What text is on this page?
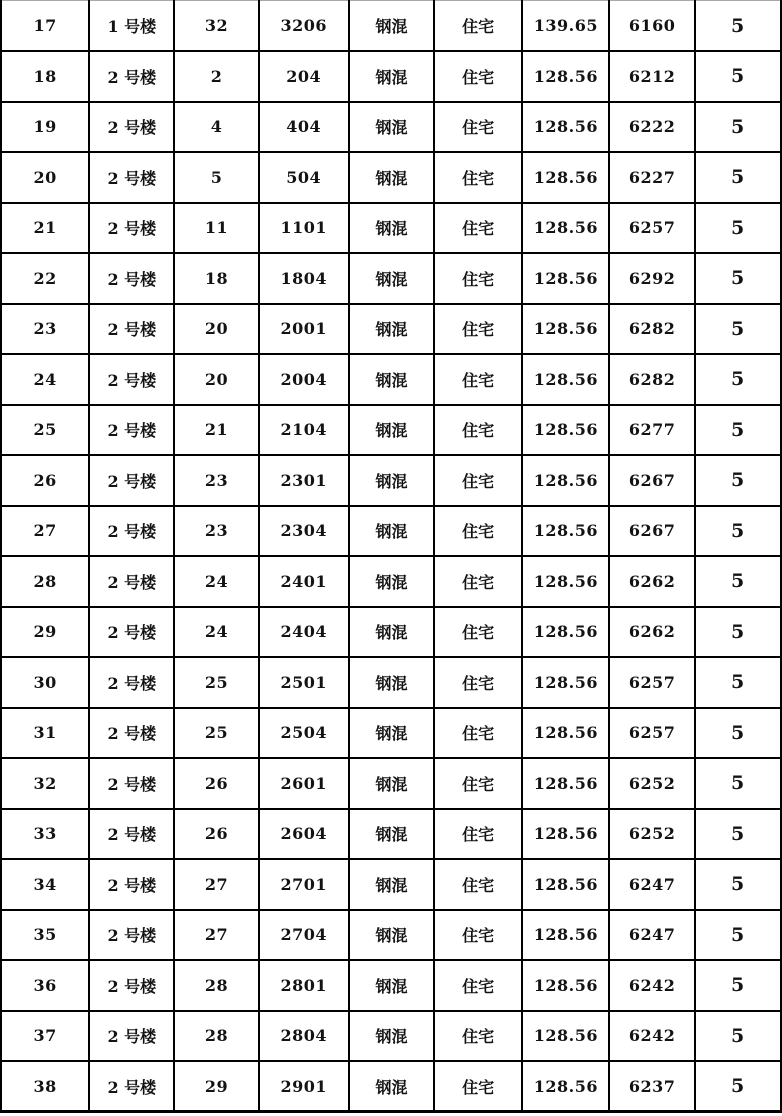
17	1 号楼	32	3206	钢混	住宅	139.65	6160	5
18	2 号楼	2	204	钢混	住宅	128.56	6212	5
19	2 号楼	4	404	钢混	住宅	128.56	6222	5
20	2 号楼	5	504	钢混	住宅	128.56	6227	5
21	2 号楼	11	1101	钢混	住宅	128.56	6257	5
22	2 号楼	18	1804	钢混	住宅	128.56	6292	5
23	2 号楼	20	2001	钢混	住宅	128.56	6282	5
24	2 号楼	20	2004	钢混	住宅	128.56	6282	5
25	2 号楼	21	2104	钢混	住宅	128.56	6277	5
26	2 号楼	23	2301	钢混	住宅	128.56	6267	5
27	2 号楼	23	2304	钢混	住宅	128.56	6267	5
28	2 号楼	24	2401	钢混	住宅	128.56	6262	5
29	2 号楼	24	2404	钢混	住宅	128.56	6262	5
30	2 号楼	25	2501	钢混	住宅	128.56	6257	5
31	2 号楼	25	2504	钢混	住宅	128.56	6257	5
32	2 号楼	26	2601	钢混	住宅	128.56	6252	5
33	2 号楼	26	2604	钢混	住宅	128.56	6252	5
34	2 号楼	27	2701	钢混	住宅	128.56	6247	5
35	2 号楼	27	2704	钢混	住宅	128.56	6247	5
36	2 号楼	28	2801	钢混	住宅	128.56	6242	5
37	2 号楼	28	2804	钢混	住宅	128.56	6242	5
38	2 号楼	29	2901	钢混	住宅	128.56	6237	5
